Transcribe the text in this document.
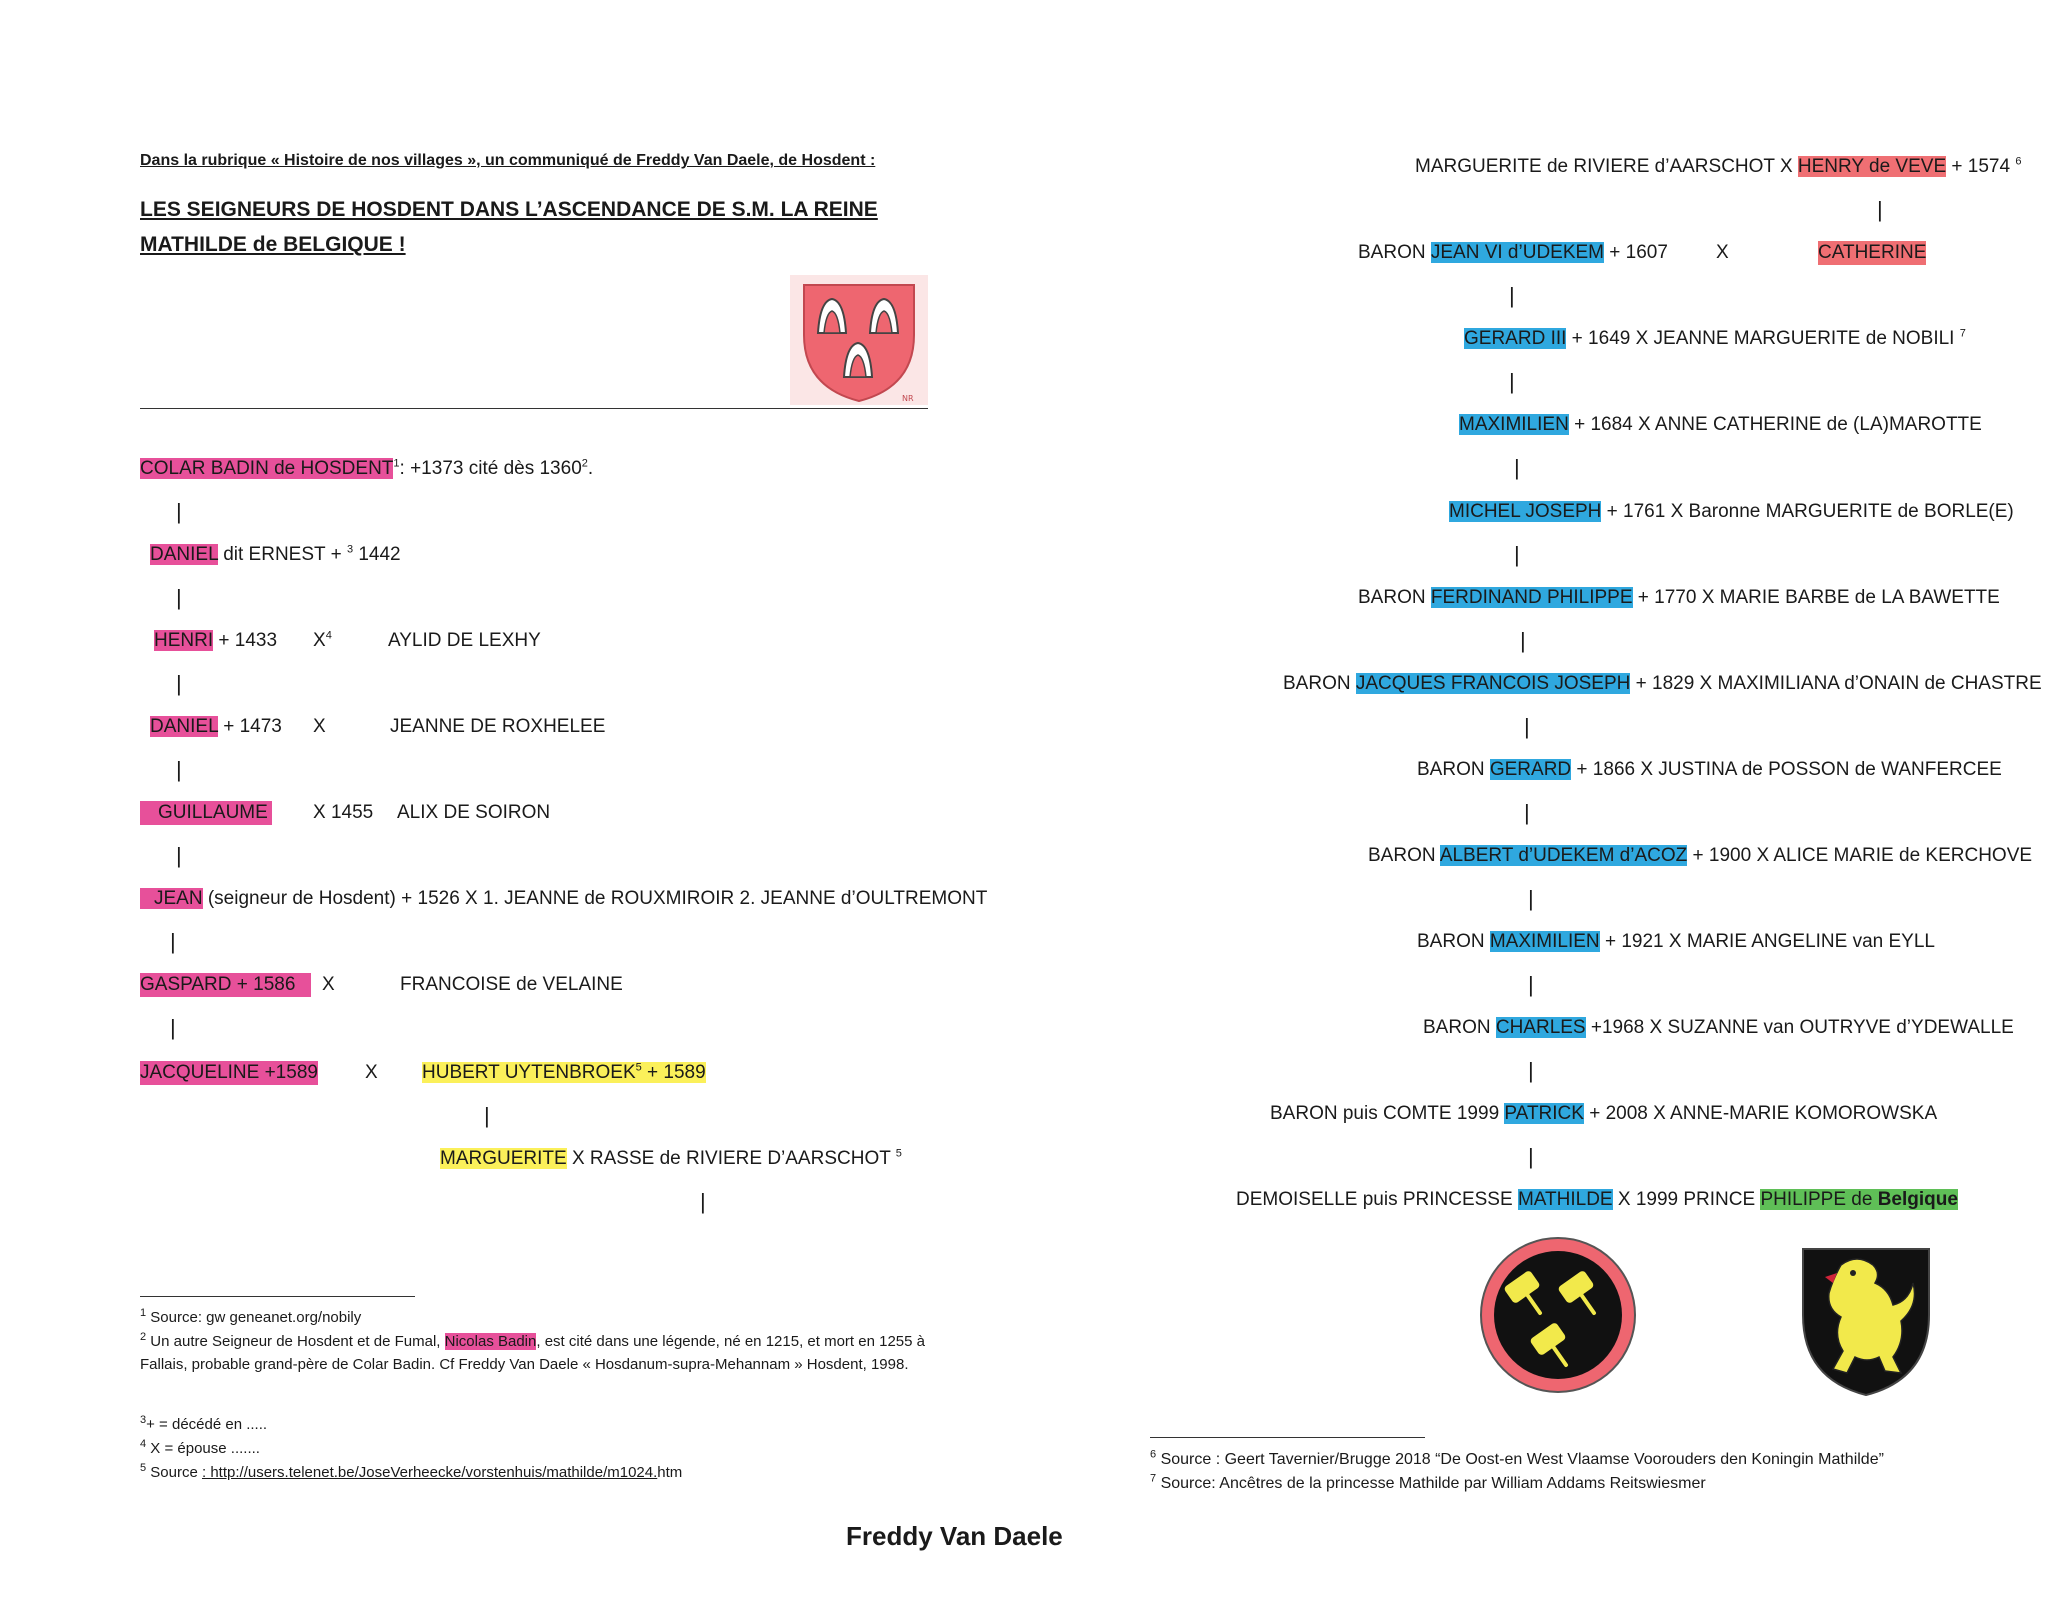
Dans la rubrique « Histoire de nos villages », un communiqué de Freddy Van Daele, de Hosdent :
LES SEIGNEURS DE HOSDENT DANS L’ASCENDANCE DE S.M. LA REINE
MATHILDE de BELGIQUE !
NR
COLAR BADIN de $HOSDENT^1$: +1373 cité dès 1360$^2$.
|
DANIEL dit ERNEST + $^3$ 1442
|
HENRI + 1433 $X^4$	AYLID DE LEXHY
|
DANIEL + 1473 X	JEANNE DE ROXHELEE
|
GUILLAUME X 1455 ALIX DE SOIRON
|
JEAN (seigneur de Hosdent) + 1526 X 1. JEANNE de ROUXMIROIR 2. JEANNE d’OULTREMONT
|
GASPARD + 1586	X	FRANCOISE de VELAINE
|
JACQUELINE +1589 X HUBERT $UYTENBROEK^5 + 1589$
|
MARGUERITE X RASSE de RIVIERE D’AARSCHOT $^5$
|
$^1$ Source: gw geneanet.org/nobily
$^2$ Un autre Seigneur de Hosdent et de Fumal, Nicolas Badin, est cité dans une légende, né en 1215, et mort en 1255 à
Fallais, probable grand-père de Colar Badin. Cf Freddy Van Daele « Hosdanum-supra-Mehannam » Hosdent, 1998.
$^3$+ = décédé en .....
$^4$ X = épouse .......
$^5$ Source : http://users.telenet.be/JoseVerheecke/vorstenhuis/mathilde/m1024.htm
MARGUERITE de RIVIERE d’AARSCHOT X HENRY de VEVE + 1574 $^6$
|
BARON JEAN VI d’UDEKEM + 1607	X	CATHERINE
|
GERARD III + 1649 X JEANNE MARGUERITE de NOBILI $^7$
|
MAXIMILIEN + 1684 X ANNE CATHERINE de (LA)MAROTTE
|
MICHEL JOSEPH + 1761 X Baronne MARGUERITE de BORLE(E)
|
BARON FERDINAND PHILIPPE + 1770 X MARIE BARBE de LA BAWETTE
|
BARON JACQUES FRANCOIS JOSEPH + 1829 X MAXIMILIANA d’ONAIN de CHASTRE
|
BARON GERARD + 1866 X JUSTINA de POSSON de WANFERCEE
|
BARON ALBERT d’UDEKEM d’ACOZ + 1900 X ALICE MARIE de KERCHOVE
|
BARON MAXIMILIEN + 1921 X MARIE ANGELINE van EYLL
|
BARON CHARLES +1968 X SUZANNE van OUTRYVE d’YDEWALLE
|
BARON puis COMTE 1999 PATRICK + 2008 X ANNE-MARIE KOMOROWSKA
|
DEMOISELLE puis PRINCESSE MATHILDE X 1999 PRINCE PHILIPPE de Belgique
$^6$ Source : Geert Tavernier/Brugge 2018 “De Oost-en West Vlaamse Voorouders den Koningin Mathilde”
$^7$ Source: Ancêtres de la princesse Mathilde par William Addams Reitswiesmer
Freddy Van Daele
